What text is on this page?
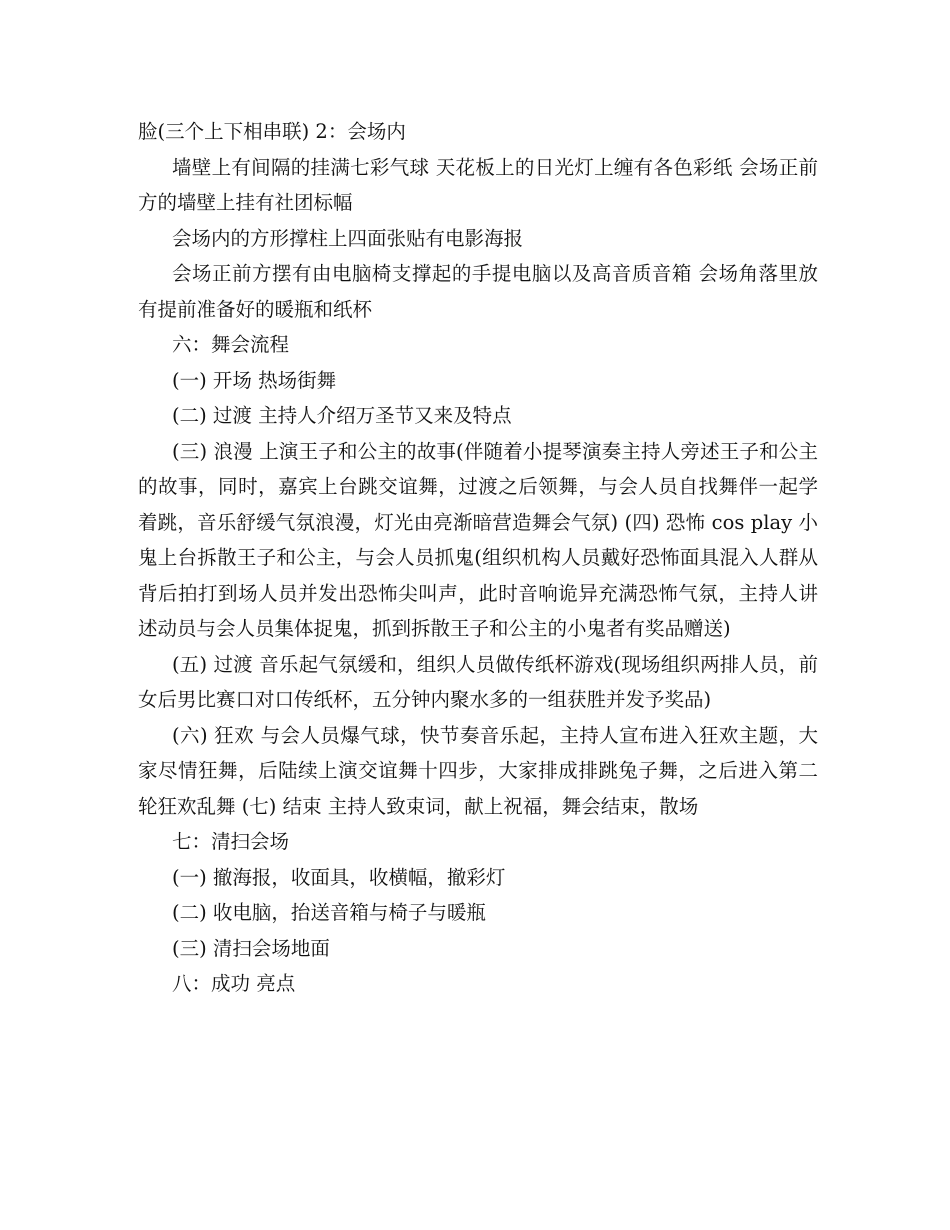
脸(三个上下相串联) 2：会场内

墙壁上有间隔的挂满七彩气球 天花板上的日光灯上缠有各色彩纸 会场正前方的墙壁上挂有社团标幅

会场内的方形撑柱上四面张贴有电影海报

会场正前方摆有由电脑椅支撑起的手提电脑以及高音质音箱 会场角落里放有提前准备好的暖瓶和纸杯

六：舞会流程

(一) 开场 热场街舞

(二) 过渡 主持人介绍万圣节又来及特点

(三) 浪漫 上演王子和公主的故事(伴随着小提琴演奏主持人旁述王子和公主的故事，同时，嘉宾上台跳交谊舞，过渡之后领舞，与会人员自找舞伴一起学着跳，音乐舒缓气氛浪漫，灯光由亮渐暗营造舞会气氛) (四) 恐怖 cos play 小鬼上台拆散王子和公主，与会人员抓鬼(组织机构人员戴好恐怖面具混入人群从背后拍打到场人员并发出恐怖尖叫声，此时音响诡异充满恐怖气氛，主持人讲述动员与会人员集体捉鬼，抓到拆散王子和公主的小鬼者有奖品赠送)

(五) 过渡 音乐起气氛缓和，组织人员做传纸杯游戏(现场组织两排人员，前女后男比赛口对口传纸杯，五分钟内聚水多的一组获胜并发予奖品)

(六) 狂欢 与会人员爆气球，快节奏音乐起，主持人宣布进入狂欢主题，大家尽情狂舞，后陆续上演交谊舞十四步，大家排成排跳兔子舞，之后进入第二轮狂欢乱舞 (七) 结束 主持人致束词，献上祝福，舞会结束，散场

七：清扫会场

(一) 撤海报，收面具，收横幅，撤彩灯

(二) 收电脑，抬送音箱与椅子与暖瓶

(三) 清扫会场地面

八：成功 亮点
